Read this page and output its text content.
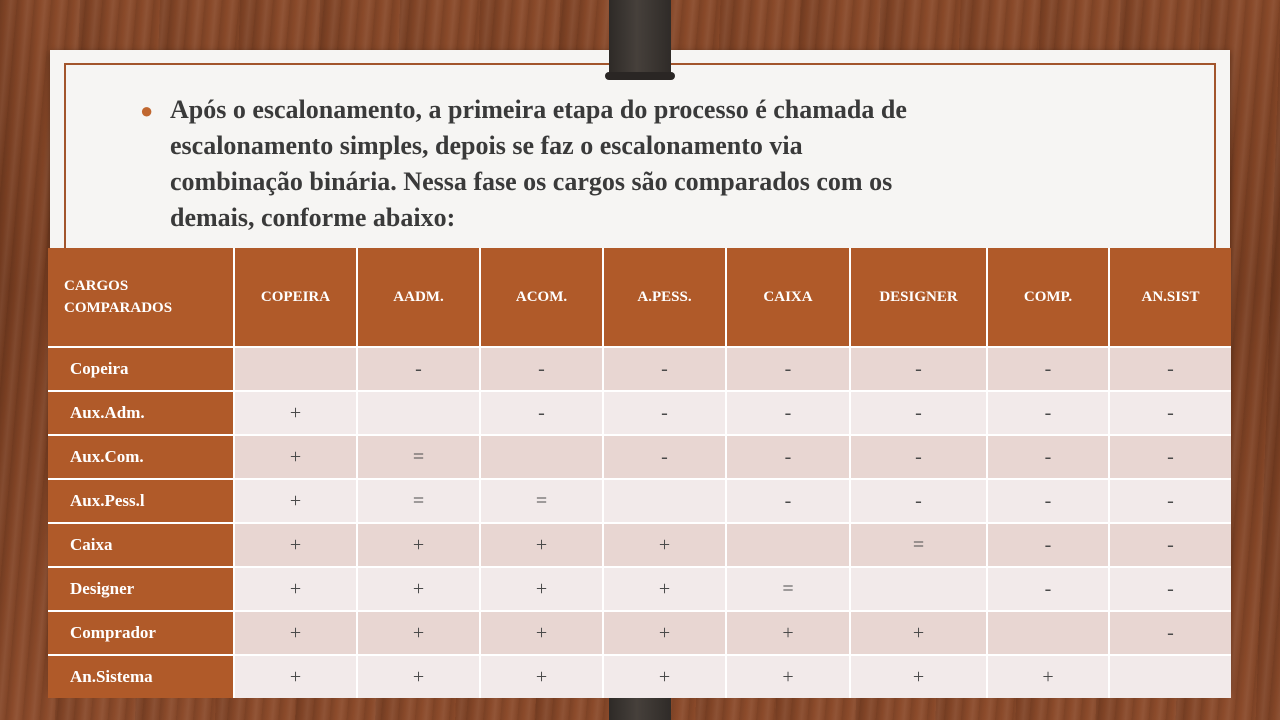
● Após o escalonamento, a primeira etapa do processo é chamada de
escalonamento simples, depois se faz o escalonamento via
combinação binária. Nessa fase os cargos são comparados com os
demais, conforme abaixo:

CARGOS
COMPARADOS	COPEIRA	AADM.	ACOM.	A.PESS.	CAIXA	DESIGNER	COMP.	AN.SIST
Copeira		-	-	-	-	-	-	-
Aux.Adm.	+		-	-	-	-	-	-
Aux.Com.	+	=		-	-	-	-	-
Aux.Pess.l	+	=	=		-	-	-	-
Caixa	+	+	+	+		=	-	-
Designer	+	+	+	+	=		-	-
Comprador	+	+	+	+	+	+		-
An.Sistema	+	+	+	+	+	+	+	
